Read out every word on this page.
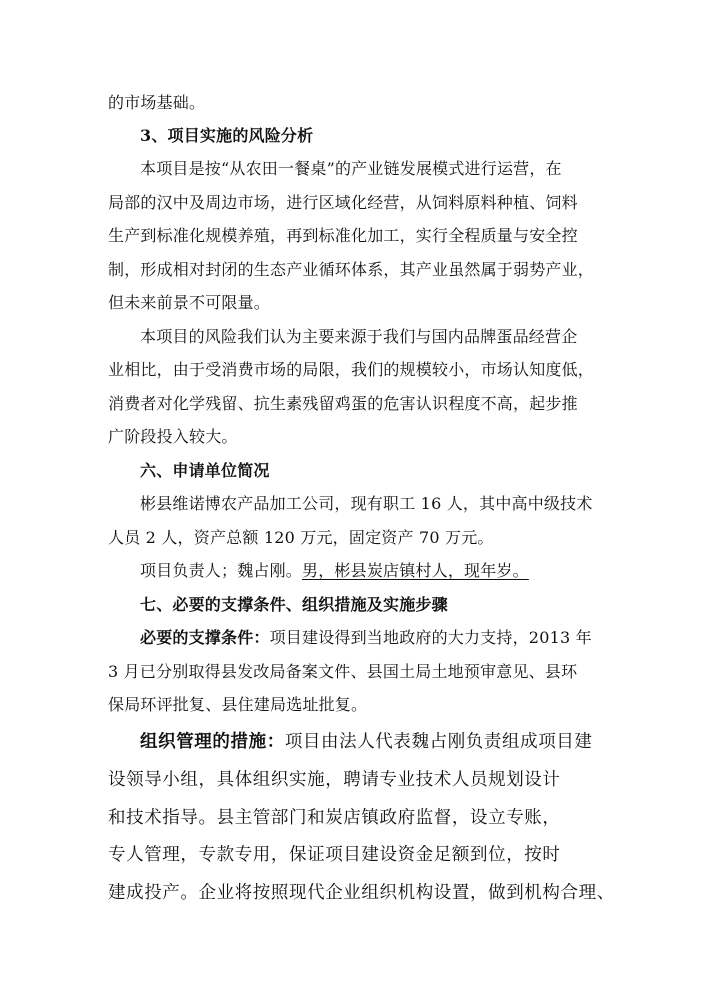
的市场基础。
3、项目实施的风险分析
本项目是按“从农田一餐桌”的产业链发展模式进行运营，在
局部的汉中及周边市场，进行区域化经营，从饲料原料种植、饲料
生产到标准化规模养殖，再到标准化加工，实行全程质量与安全控
制，形成相对封闭的生态产业循环体系，其产业虽然属于弱势产业，
但未来前景不可限量。
本项目的风险我们认为主要来源于我们与国内品牌蛋品经营企
业相比，由于受消费市场的局限，我们的规模较小，市场认知度低，
消费者对化学残留、抗生素残留鸡蛋的危害认识程度不高，起步推
广阶段投入较大。
六、申请单位简况
彬县维诺博农产品加工公司，现有职工 16 人，其中高中级技术
人员 2 人，资产总额 120 万元，固定资产 70 万元。
项目负责人；魏占刚。男，彬县炭店镇村人，现年岁。
七、必要的支撑条件、组织措施及实施步骤
必要的支撑条件：项目建设得到当地政府的大力支持，2013 年
3 月已分别取得县发改局备案文件、县国土局土地预审意见、县环
保局环评批复、县住建局选址批复。
组织管理的措施：项目由法人代表魏占刚负责组成项目建
设领导小组，具体组织实施，聘请专业技术人员规划设计
和技术指导。县主管部门和炭店镇政府监督，设立专账，
专人管理，专款专用，保证项目建设资金足额到位，按时
建成投产。企业将按照现代企业组织机构设置，做到机构合理、
